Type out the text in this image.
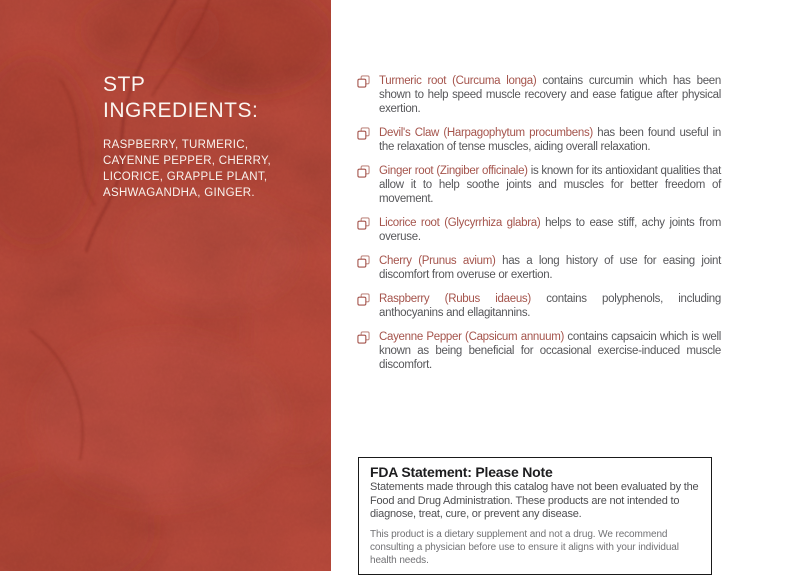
STP
INGREDIENTS:
RASPBERRY, TURMERIC,
CAYENNE PEPPER, CHERRY,
LICORICE, GRAPPLE PLANT,
ASHWAGANDHA, GINGER.

Turmeric root (Curcuma longa) contains curcumin which has been shown to help speed muscle recovery and ease fatigue after physical exertion.

Devil's Claw (Harpagophytum procumbens) has been found useful in the relaxation of tense muscles, aiding overall relaxation.

Ginger root (Zingiber officinale) is known for its antioxidant qualities that allow it to help soothe joints and muscles for better freedom of movement.

Licorice root (Glycyrrhiza glabra) helps to ease stiff, achy joints from overuse.

Cherry (Prunus avium) has a long history of use for easing joint discomfort from overuse or exertion.

Raspberry (Rubus idaeus) contains polyphenols, including anthocyanins and ellagitannins.

Cayenne Pepper (Capsicum annuum) contains capsaicin which is well known as being beneficial for occasional exercise-induced muscle discomfort.

FDA Statement: Please Note

Statements made through this catalog have not been evaluated by the Food and Drug Administration. These products are not intended to diagnose, treat, cure, or prevent any disease.

This product is a dietary supplement and not a drug. We recommend consulting a physician before use to ensure it aligns with your individual health needs.
